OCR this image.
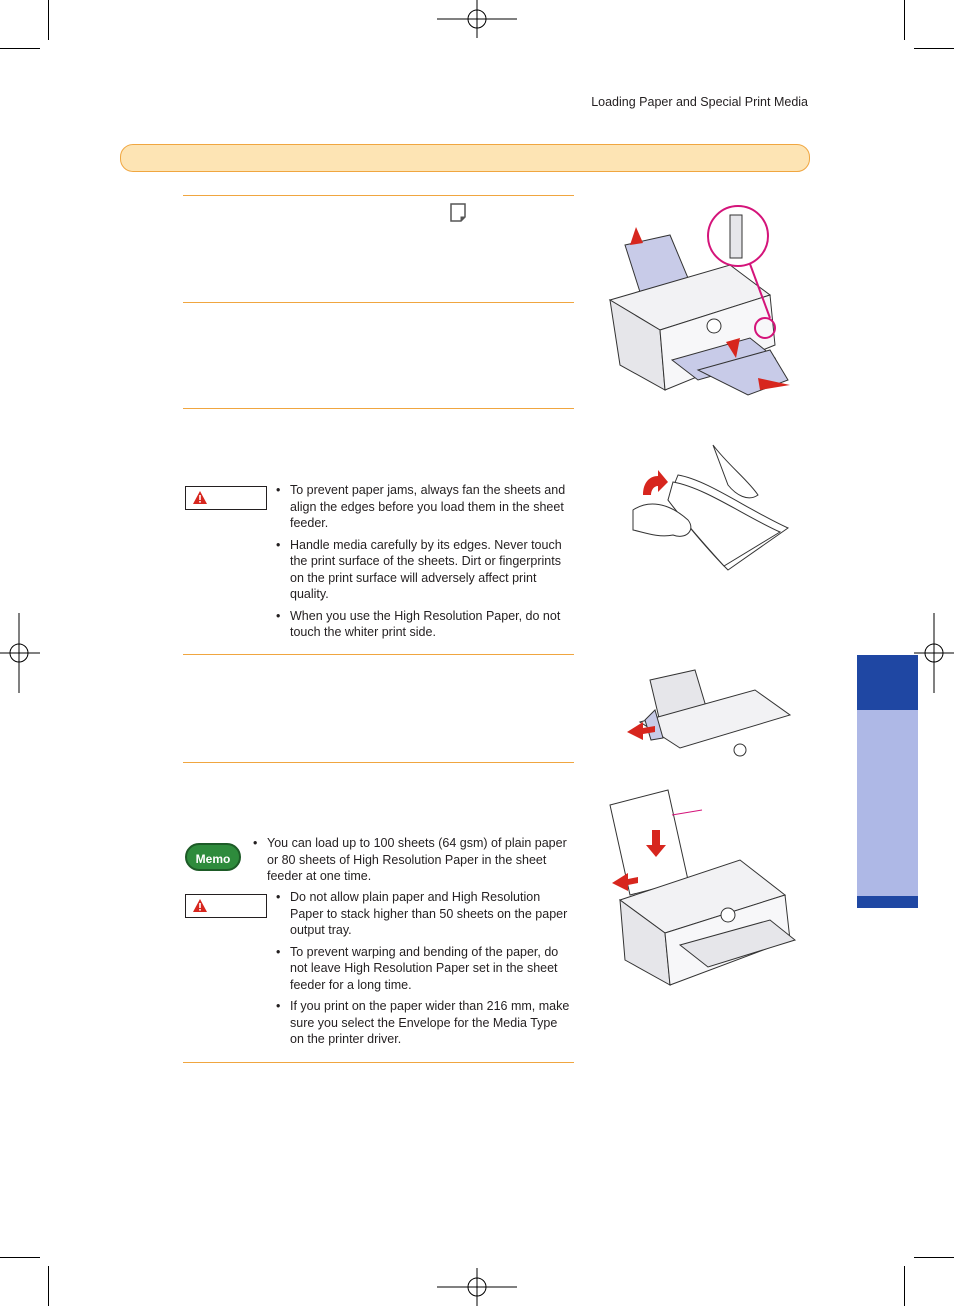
Loading Paper and Special Print Media
• To prevent paper jams, always fan the sheets and align the edges before you load them in the sheet feeder.
• Handle media carefully by its edges. Never touch the print surface of the sheets. Dirt or fingerprints on the print surface will adversely affect print quality.
• When you use the High Resolution Paper, do not touch the whiter print side.
Memo
• You can load up to 100 sheets (64 gsm) of plain paper or 80 sheets of High Resolution Paper in the sheet feeder at one time.
• Do not allow plain paper and High Resolution Paper to stack higher than 50 sheets on the paper output tray.
• To prevent warping and bending of the paper, do not leave High Resolution Paper set in the sheet feeder for a long time.
• If you print on the paper wider than 216 mm, make sure you select the Envelope for the Media Type on the printer driver.
